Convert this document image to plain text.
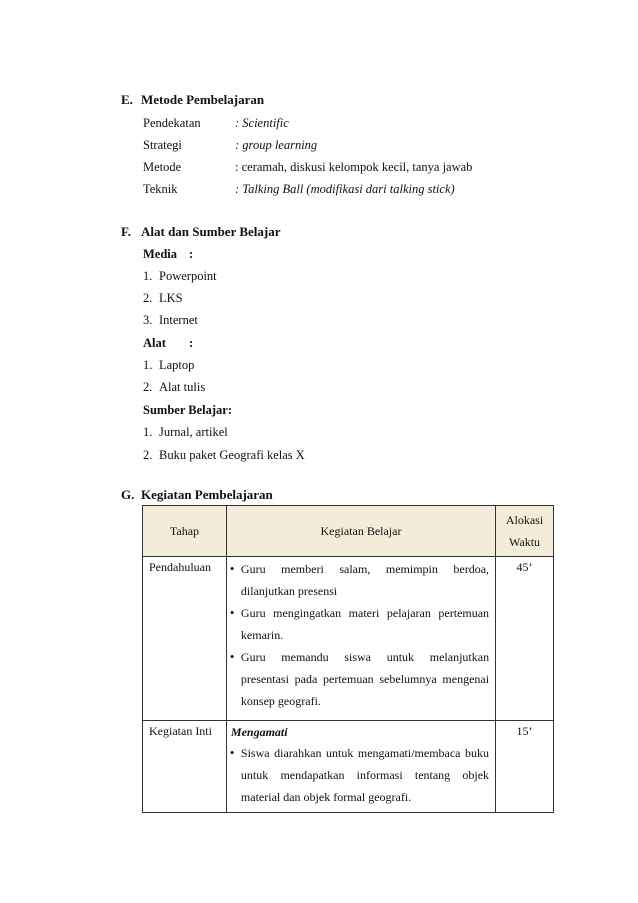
E. Metode Pembelajaran
Pendekatan	: Scientific
Strategi	: group learning
Metode	: ceramah, diskusi kelompok kecil, tanya jawab
Teknik	: Talking Ball (modifikasi dari talking stick)
F. Alat dan Sumber Belajar
Media :
1. Powerpoint
2. LKS
3. Internet
Alat :
1. Laptop
2. Alat tulis
Sumber Belajar:
1. Jurnal, artikel
2. Buku paket Geografi kelas X
G. Kegiatan Pembelajaran
Tahap	Kegiatan Belajar	Alokasi Waktu
Pendahuluan	• Guru memberi salam, memimpin berdoa, dilanjutkan presensi
• Guru mengingatkan materi pelajaran pertemuan kemarin.
• Guru memandu siswa untuk melanjutkan presentasi pada pertemuan sebelumnya mengenai konsep geografi.	45’
Kegiatan Inti	Mengamati
• Siswa diarahkan untuk mengamati/membaca buku untuk mendapatkan informasi tentang objek material dan objek formal geografi.	15’
